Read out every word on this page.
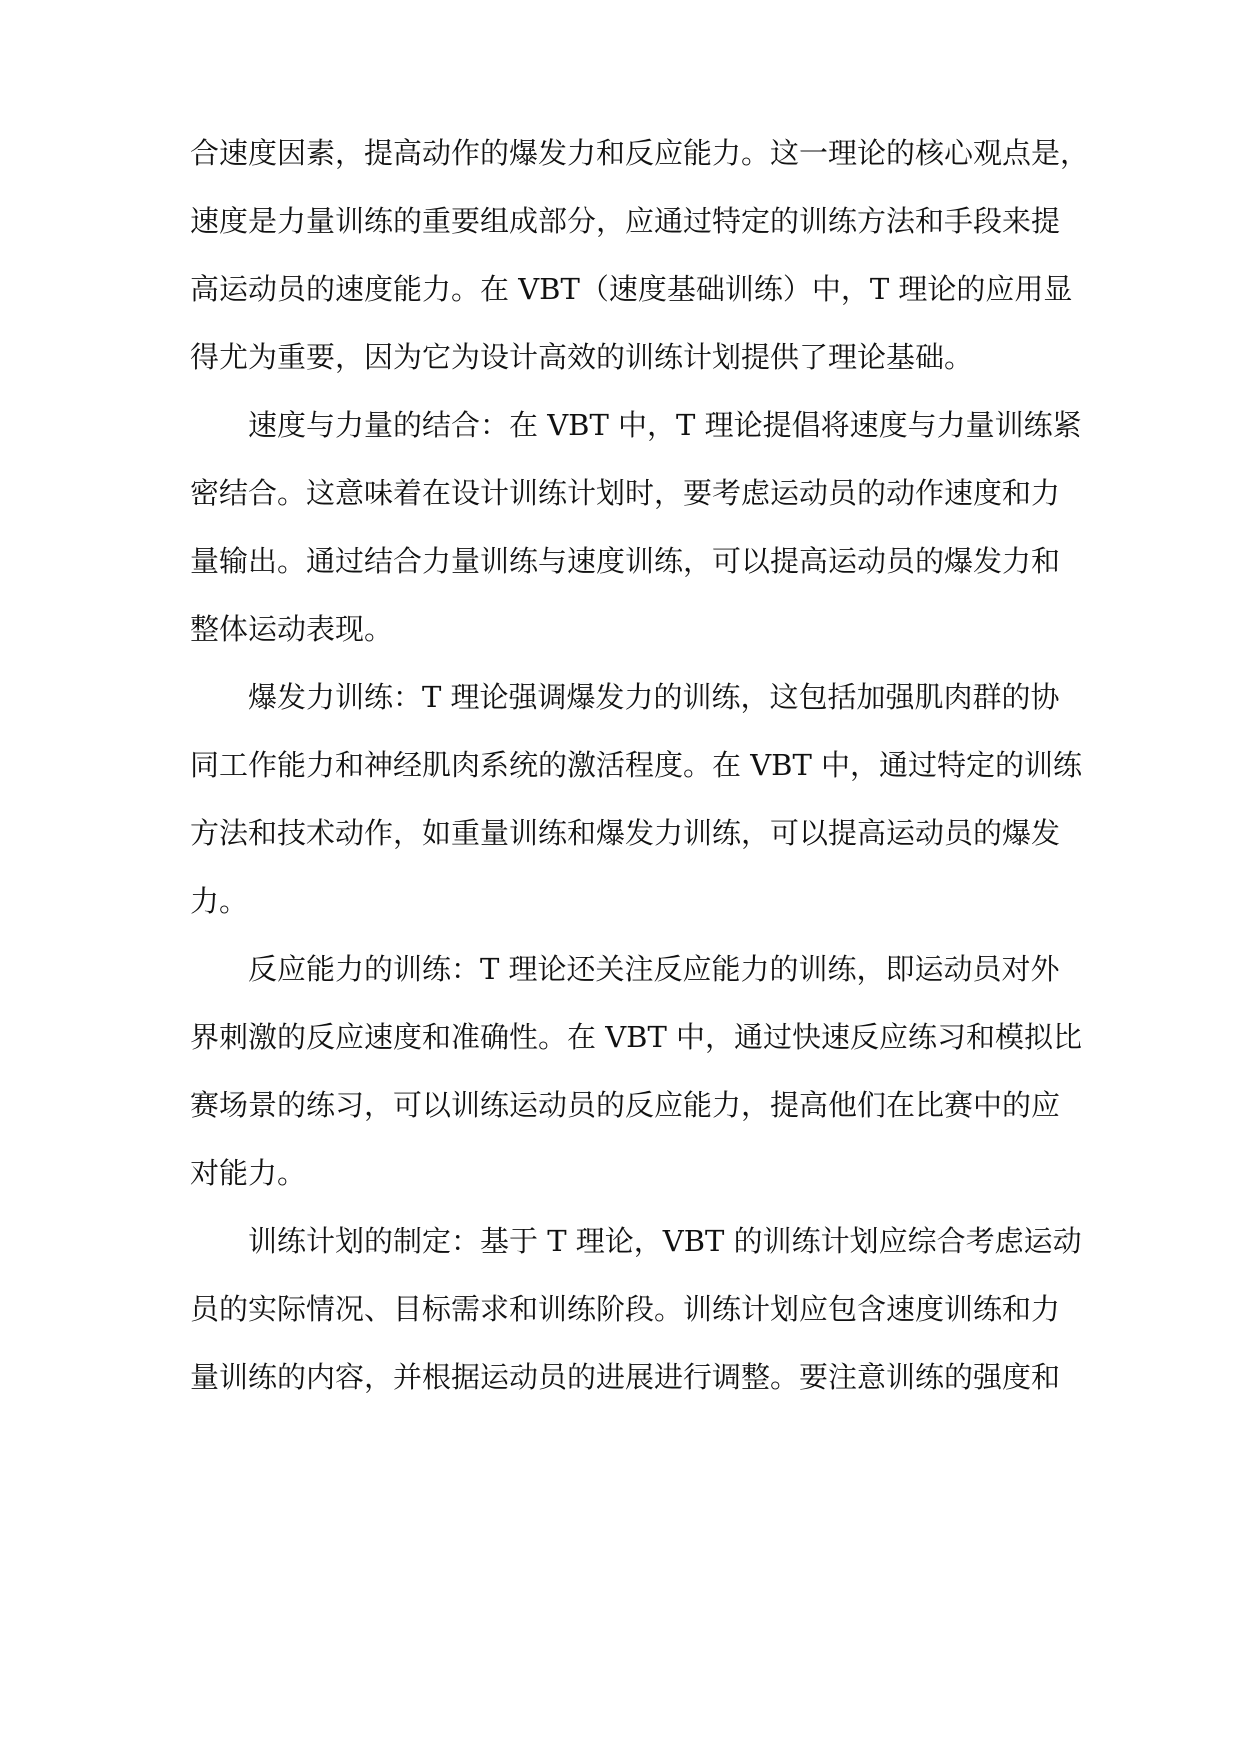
合速度因素，提高动作的爆发力和反应能力。这一理论的核心观点是，
速度是力量训练的重要组成部分，应通过特定的训练方法和手段来提
高运动员的速度能力。在 VBT（速度基础训练）中，T 理论的应用显
得尤为重要，因为它为设计高效的训练计划提供了理论基础。
速度与力量的结合：在 VBT 中，T 理论提倡将速度与力量训练紧
密结合。这意味着在设计训练计划时，要考虑运动员的动作速度和力
量输出。通过结合力量训练与速度训练，可以提高运动员的爆发力和
整体运动表现。
爆发力训练：T 理论强调爆发力的训练，这包括加强肌肉群的协
同工作能力和神经肌肉系统的激活程度。在 VBT 中，通过特定的训练
方法和技术动作，如重量训练和爆发力训练，可以提高运动员的爆发
力。
反应能力的训练：T 理论还关注反应能力的训练，即运动员对外
界刺激的反应速度和准确性。在 VBT 中，通过快速反应练习和模拟比
赛场景的练习，可以训练运动员的反应能力，提高他们在比赛中的应
对能力。
训练计划的制定：基于 T 理论，VBT 的训练计划应综合考虑运动
员的实际情况、目标需求和训练阶段。训练计划应包含速度训练和力
量训练的内容，并根据运动员的进展进行调整。要注意训练的强度和
